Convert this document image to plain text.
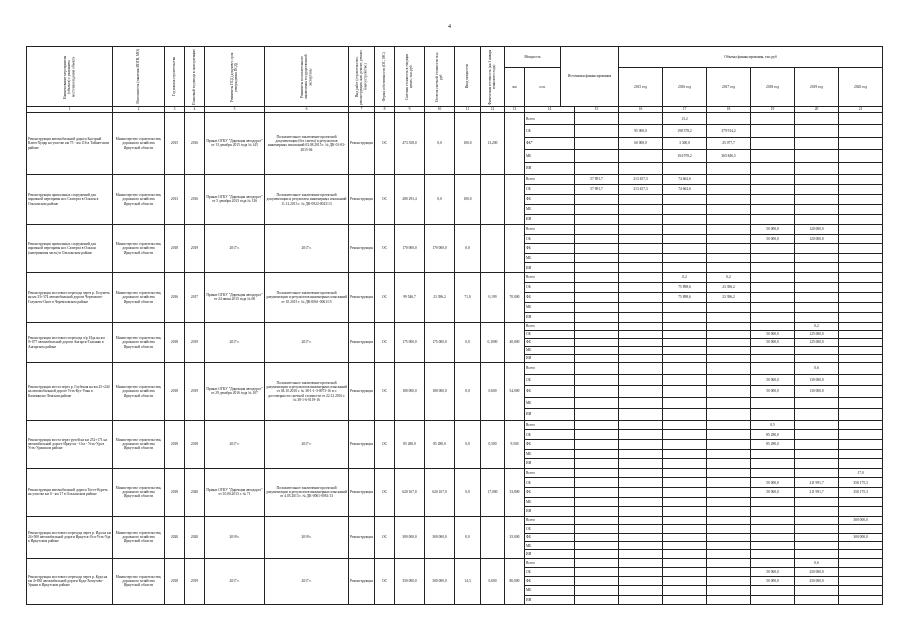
4
Наименование мероприятия (объекта) с указанием местонахождения объекта	Исполнитель (заказчик ИОГВ, МО)	Год начала строительства	Плановый год ввода в эксплуатацию	Реквизиты ПСД (документ, срок утверждения ПСД)	Реквизиты положительного заключения государственной экспертизы	Вид работ (строительство, реконструкция, кап. ремонт, ремонт, благоустройство)	Форма собственности (ОС, МС)	Сметная стоимость в текущих ценах, тыс.руб	Остаток сметной стоимости тыс. руб	Ввод мощности	Физическая готовность (на 1 января планового года)	Мощность		Источники финансирования		Объемы финансирования, тыс.руб					
												км	п.м.			2015 год	2016 год	2017 год	2018 год	2019 год	2020 год
1	2	3	4	5	6	7	8	9	10	11	12	13	14		15	16	17	18	19	20	21
Реконструкция автомобильной дороги Быстрый Ключ-Хуцар на участке км 75 - км 116 в Тайшетском районе	Министерство строительства, дорожного хозяйства Иркутской области	2015	2016	Приказ ОГКУ "Дирекция автодорог" от 13 декабря 2015 года № 145	Положительное заключение проектной документации (без сметы) и результатов инженерных изысканий 03.08.2015 г. № ДК-01-03-2015-04	Реконструкция	ОС	473 358,0	0,0	100,0	13,200		Всего				13,2				
													ОБ			95 000,0	198 578,2	379 914,2			
													ФБ*			60 000,0	3 300,0	25 077,7			
													МБ				194 978,2	365 846,5			
													ИИ								
Реконструкция причальных сооружений для паромной переправы нос Сахюрта в Ольхон в Ольхонском районе	Министерство строительства, дорожного хозяйства Иркутской области	2013	2016	Приказ ОГКУ "Дирекция автодорог" от 5 декабря 2013 года № 136	Положительное заключение проектной документации и результаты инженерных изысканий 11.12.2013 г. № ДК-0922-0023/13	Реконструкция	ОС	280 293,4	0,0	100,0			Всего		57 891,7	213 457,3	74 662,6				
													ОБ		57 891,7	213 457,3	74 662,6				
													ФБ								
													МБ								
													ИИ								
Реконструкция причальных сооружений для паромной переправы нос Сахюрта в Ольхон (материковая часть) в Ольхонском районе	Министерство строительства, дорожного хозяйства Иркутской области	2018	2019	2017 г.	2017 г.	Реконструкция	ОС	170 000,0	170 000,0	0,0			Всего						50 000,0	120 000,0	
													ОБ						50 000,0	120 000,0	
													ФБ								
													МБ								
													ИИ								
Реконструкция мостового перехода через р. Голуметь на км 33+374 автомобильной дороги Черемхово-Голуметь-Онот в Черемховском районе	Министерство строительства, дорожного хозяйства Иркутской области	2016	2017	Приказ ОГКУ "Дирекция автодорог" от 24 июня 2015 года № 68	Положительное заключение проектной документации и результатов инженерных изысканий от 10.2015 г. № ДК-0061-0061/15	Реконструкция	ОС	99 546,7	23 396,2	71,0	0,199	70,000	Всего				0,2	0,2			
													ОБ				75 898,6	23 396,2			
													ФБ				75 898,6	23 396,2			
													МБ								
													ИИ								
Реконструкция мостового перехода ч/р. Ида на км 9+077 автомобильной дороги Ангарск-Тальяны в Ангарском районе	Министерство строительства, дорожного хозяйства Иркутской области	2018	2019	2017 г.	2017 г.	Реконструкция	ОС	175 000,0	175 000,0	0,0	0,1000	40,000	Всего							0,2	
													ОБ						50 000,0	125 000,0	
													ФБ						50 000,0	125 000,0	
													МБ								
													ИИ								
Реконструкция моста через р. Глубокая на км 25+244 на автомобильной дороге Усть-Кут-Уоян в Казачинско-Ленском районе	Министерство строительства, дорожного хозяйства Иркутской области	2018	2019	Приказ ОГКУ "Дирекция автодорог" от 29 декабря 2016 года № 107	Положительное заключение проектной документации и результатов инженерных изысканий от 04.10.2016 г. № 38-1-1-3-0073-16 и о достоверности сметной стоимости от 22.12.2016 г. № 38-1-6-0119-16	Реконструкция	ОС	180 000,0	180 000,0	0,0	0,600	54,000	Всего							0,6	
													ОБ						50 000,0	130 000,0	
													ФБ						50 000,0	130 000,0	
													МБ								
													ИИ								
Реконструкция моста через ручей на км 252+171 на автомобильной дороге Иркутск - Оса - Усть-Уда в Усть-Удинском районе	Министерство строительства, дорожного хозяйства Иркутской области	2018	2018	2017 г.	2017 г.	Реконструкция	ОС	85 280,0	85 280,0	0,0	0,500	9,500	Всего						0,5		
													ОБ						85 280,0		
													ФБ						85 280,0		
													МБ								
													ИИ								
Реконструкция автомобильной дороги Тогот-Куреть на участке км 0 - км 17 в Ольхонском районе	Министерство строительства, дорожного хозяйства Иркутской области	2018	2020	Приказ ОГКУ "Дирекция автодорог" от 10.06.2013 г. № 71	Положительное заключение проектной документации и результатов инженерных изысканий от 4.05.2013 г. № ДК-0061-0061/13	Реконструкция	ОС	620 167,0	620 167,0	0,0	17,000	33,800	Всего								17,0
													ОБ						50 000,0	211 991,7	358 175,3
													ФБ						50 000,0	211 991,7	358 175,3
													МБ								
													ИИ								
Реконструкция мостового перехода через р. Ида на км 24+500 автомобильной дороги Иркутск-Оса-Усть-Уда в Иркутском районе	Министерство строительства, дорожного хозяйства Иркутской области	2020	2020	2019 г.	2019 г.	Реконструкция	ОС	300 000,0	300 000,0	0,0		35,000	Всего								300 000,0
													ОБ								
													ФБ								300 000,0
													МБ								
													ИИ								
Реконструкция мостового перехода через р. Куда на км 4+830 автомобильной дороги Куда-Хомутово-Урыки в Иркутском районе	Министерство строительства, дорожного хозяйства Иркутской области	2018	2019	2017 г.	2017 г.	Реконструкция	ОС	350 000,0	300 000,0	14,3	0,600	80,000	Всего							0,6	
													ОБ						50 000,0	250 000,0	
													ФБ						50 000,0	250 000,0	
													МБ								
													ИИ								
